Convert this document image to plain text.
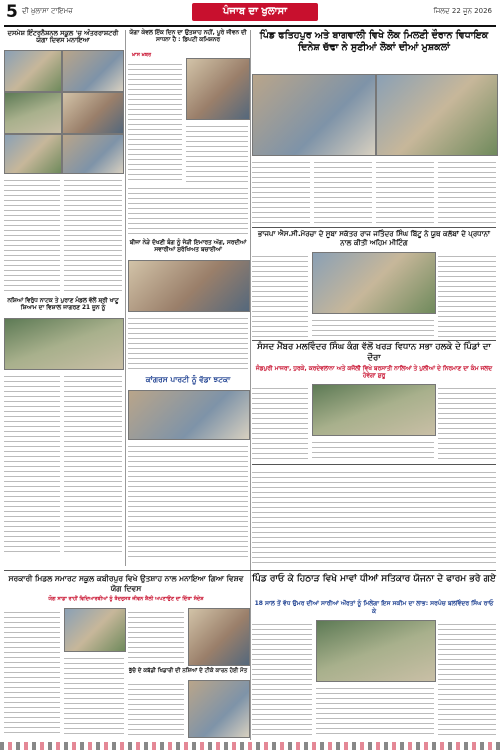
5 ਦੀ ਖ਼ੁਲਾਸਾ ਟਾਇਮਜ਼	ਪੰਜਾਬ ਦਾ ਖੁਲਾਸਾ	ਜਿਲਦ 22 ਜੂਨ 2026
ਦਸਮੇਸ਼ ਇੰਟਰਨੈਸ਼ਨਲ ਸਕੂਲ 'ਚ ਅੰਤਰਰਾਸ਼ਟਰੀ ਯੋਗਾ ਦਿਵਸ ਮਨਾਇਆ
ਯੋਗਾ ਕੇਵਲ ਇੱਕ ਦਿਨ ਦਾ ਉਤਸ਼ਾਹ ਨਹੀਂ, ਪੂਰੇ ਜੀਵਨ ਦੀ ਸਾਧਨਾ ਹੈ : ਡਿਪਟੀ ਕਮਿਸ਼ਨਰ
ਖ਼ਾਸ ਖ਼ਬਰ
ਪਿੰਡ ਫਤਿਹਪੁਰ ਅਤੇ ਬਾਗਵਾਲੀ ਵਿਖੇ ਲੋਕ ਮਿਲਣੀ ਦੌਰਾਨ ਵਿਧਾਇਕ ਦਿਨੇਸ਼ ਚੱਢਾ ਨੇ ਸੁਣੀਆਂ ਲੋਕਾਂ ਦੀਆਂ ਮੁਸ਼ਕਲਾਂ
ਨਸ਼ਿਆਂ ਵਿਰੁੱਧ ਨਾਟਕ ਤੇ ਪੁਰਾਣ ਮੰਡਲ ਵੱਲੋਂ ਸ਼੍ਰੀ ਖਾਟੂ ਸ਼ਿਆਮ ਦਾ ਵਿਸ਼ਾਲ ਜਾਗਰਣ 21 ਜੂਨ ਨੂੰ
ਬੀਜਾ ਨੇੜੇ ਦੱਖਣੀ ਬੰਗ ਨੂੰ ਜੋੜੀ ਇਮਾਰਤ ਅੱਗ, ਸਰਦੀਆਂ ਸਵਾਰੀਆਂ ਸੁਰੱਖਿਅਤ ਬਚਾਈਆਂ
ਭਾਜਪਾ ਐਸ.ਸੀ.ਮੋਰਚਾ ਦੇ ਸੂਬਾ ਸਕੱਤਰ ਰਾਜ ਜਤਿੰਦਰ ਸਿੰਘ ਬਿੱਟੂ ਨੇ ਯੂਥ ਕਲੱਬਾਂ ਦੇ ਪ੍ਰਧਾਨਾਂ ਨਾਲ ਕੀਤੀ ਅਹਿਮ ਮੀਟਿੰਗ
ਕਾਂਗਰਸ ਪਾਰਟੀ ਨੂੰ ਵੱਡਾ ਝਟਕਾ
ਸੰਸਦ ਮੈਂਬਰ ਮਲਵਿੰਦਰ ਸਿੰਘ ਕੰਗ ਵੱਲੋਂ ਖਰੜ ਵਿਧਾਨ ਸਭਾ ਹਲਕੇ ਦੇ ਪਿੰਡਾਂ ਦਾ ਦੌਰਾ
ਜੰਡਪੁਰੀ ਮਾਜਰਾ, ਧੁਰਕੇ, ਕਰਦੇਵਲਾਨਾ ਅਤੇ ਕਜੌਲੀ ਵਿਖੇ ਬਰਸਾਤੀ ਨਾਲਿਆਂ ਤੇ ਪੁਲੀਆਂ ਦੇ ਨਿਰਮਾਣ ਦਾ ਕੰਮ ਜਲਦ ਹੋਵੇਗਾ ਸ਼ੁਰੂ
ਸਰਕਾਰੀ ਮਿਡਲ ਸਮਾਰਟ ਸਕੂਲ ਕਬੀਰਪੁਰ ਵਿਖੇ ਉਤਸ਼ਾਹ ਨਾਲ ਮਨਾਇਆ ਗਿਆ ਵਿਸ਼ਵ ਯੋਗ ਦਿਵਸ
ਯੋਗ ਸਾਡਾ ਰਾਹੀਂ ਵਿਦਿਆਰਥੀਆਂ ਨੂੰ ਤੰਦਰੁਸਤ ਜੀਵਨ ਸ਼ੈਲੀ ਅਪਣਾਉਣ ਦਾ ਦਿੱਤਾ ਸੰਦੇਸ਼
ਭੁੱਚੋ ਦੇ ਕਬੱਡੀ ਖਿਡਾਰੀ ਦੀ ਨਸ਼ਿਆਂ ਦੇ ਟੀਕੇ ਕਾਰਨ ਹੋਈ ਮੌਤ
ਪਿੰਡ ਰਾਓ ਕੇ ਹਿਠਾੜ ਵਿਖੇ ਮਾਵਾਂ ਧੀਆਂ ਸਤਿਕਾਰ ਯੋਜਨਾ ਦੇ ਫਾਰਮ ਭਰੇ ਗਏ
18 ਸਾਲ ਤੋਂ ਵੱਧ ਉਮਰ ਦੀਆਂ ਸਾਰੀਆਂ ਔਰਤਾਂ ਨੂੰ ਮਿਲੇਗਾ ਇਸ ਸਕੀਮ ਦਾ ਲਾਭ: ਸਰਪੰਚ ਬਲਵਿੰਦਰ ਸਿੰਘ ਰਾਓ ਕੇ
